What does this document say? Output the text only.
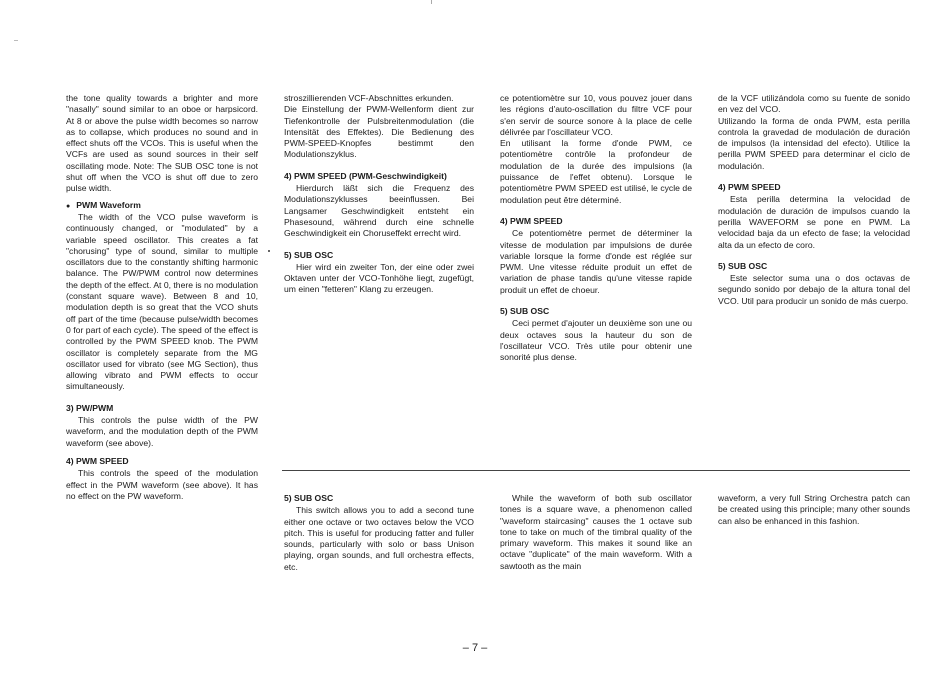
the tone quality towards a brighter and more "nasally" sound similar to an oboe or harpsicord. At 8 or above the pulse width becomes so narrow as to collapse, which produces no sound and in effect shuts off the VCOs. This is useful when the VCFs are used as sound sources in their self oscillating mode. Note: The SUB OSC tone is not shut off when the VCO is shut off due to zero pulse width.

● PWM Waveform

The width of the VCO pulse waveform is continuously changed, or "modulated" by a variable speed oscillator. This creates a fat "chorusing" type of sound, similar to multiple oscillators due to the constantly shifting harmonic balance. The PW/PWM control now determines the depth of the effect. At 0, there is no modulation (constant square wave). Between 8 and 10, modulation depth is so great that the VCO shuts off part of the time (because pulse/width becomes 0 for part of each cycle). The speed of the effect is controlled by the PWM SPEED knob. The PWM oscillator is completely separate from the MG oscillator used for vibrato (see MG Section), thus allowing vibrato and PWM effects to occur simultaneously.

3) PW/PWM

This controls the pulse width of the PW waveform, and the modulation depth of the PWM waveform (see above).

4) PWM SPEED

This controls the speed of the modulation effect in the PWM waveform (see above). It has no effect on the PW waveform.

stroszillierenden VCF-Abschnittes erkunden.

Die Einstellung der PWM-Wellenform dient zur Tiefenkontrolle der Pulsbreitenmodulation (die Intensität des Effektes). Die Bedienung des PWM-SPEED-Knopfes bestimmt den Modulationszyklus.

4) PWM SPEED (PWM-Geschwindigkeit)

Hierdurch läßt sich die Frequenz des Modulationszyklusses beeinflussen. Bei Langsamer Geschwindigkeit entsteht ein Phasesound, während durch eine schnelle Geschwindigkeit ein Choruseffekt errecht wird.

5) SUB OSC

Hier wird ein zweiter Ton, der eine oder zwei Oktaven unter der VCO-Tonhöhe liegt, zugefügt, um einen "fetteren" Klang zu erzeugen.

ce potentiomètre sur 10, vous pouvez jouer dans les régions d'auto-oscillation du filtre VCF pour s'en servir de source sonore à la place de celle délivrée par l'oscillateur VCO.

En utilisant la forme d'onde PWM, ce potentiomètre contrôle la profondeur de modulation de la durée des impulsions (la puissance de l'effet obtenu). Lorsque le potentiomètre PWM SPEED est utilisé, le cycle de modulation peut être déterminé.

4) PWM SPEED

Ce potentiomètre permet de déterminer la vitesse de modulation par impulsions de durée variable lorsque la forme d'onde est réglée sur PWM. Une vitesse réduite produit un effet de variation de phase tandis qu'une vitesse rapide produit un effet de choeur.

5) SUB OSC

Ceci permet d'ajouter un deuxième son une ou deux octaves sous la hauteur du son de l'oscillateur VCO. Très utile pour obtenir une sonorité plus dense.

de la VCF utilizándola como su fuente de sonido en vez del VCO.

Utilizando la forma de onda PWM, esta perilla controla la gravedad de modulación de duración de impulsos (la intensidad del efecto). Utilice la perilla PWM SPEED para determinar el ciclo de modulación.

4) PWM SPEED

Esta perilla determina la velocidad de modulación de duración de impulsos cuando la perilla WAVEFORM se pone en PWM. La velocidad baja da un efecto de fase; la velocidad alta da un efecto de coro.

5) SUB OSC

Este selector suma una o dos octavas de segundo sonido por debajo de la altura tonal del VCO. Util para producir un sonido de más cuerpo.

5) SUB OSC

This switch allows you to add a second tune either one octave or two octaves below the VCO pitch. This is useful for producing fatter and fuller sounds, particularly with solo or bass Unison playing, organ sounds, and full orchestra effects, etc.

While the waveform of both sub oscillator tones is a square wave, a phenomenon called "waveform staircasing" causes the 1 octave sub tone to take on much of the timbral quality of the primary waveform. This makes it sound like an octave "duplicate" of the main waveform. With a sawtooth as the main

waveform, a very full String Orchestra patch can be created using this principle; many other sounds can also be enhanced in this fashion.

– 7 –
